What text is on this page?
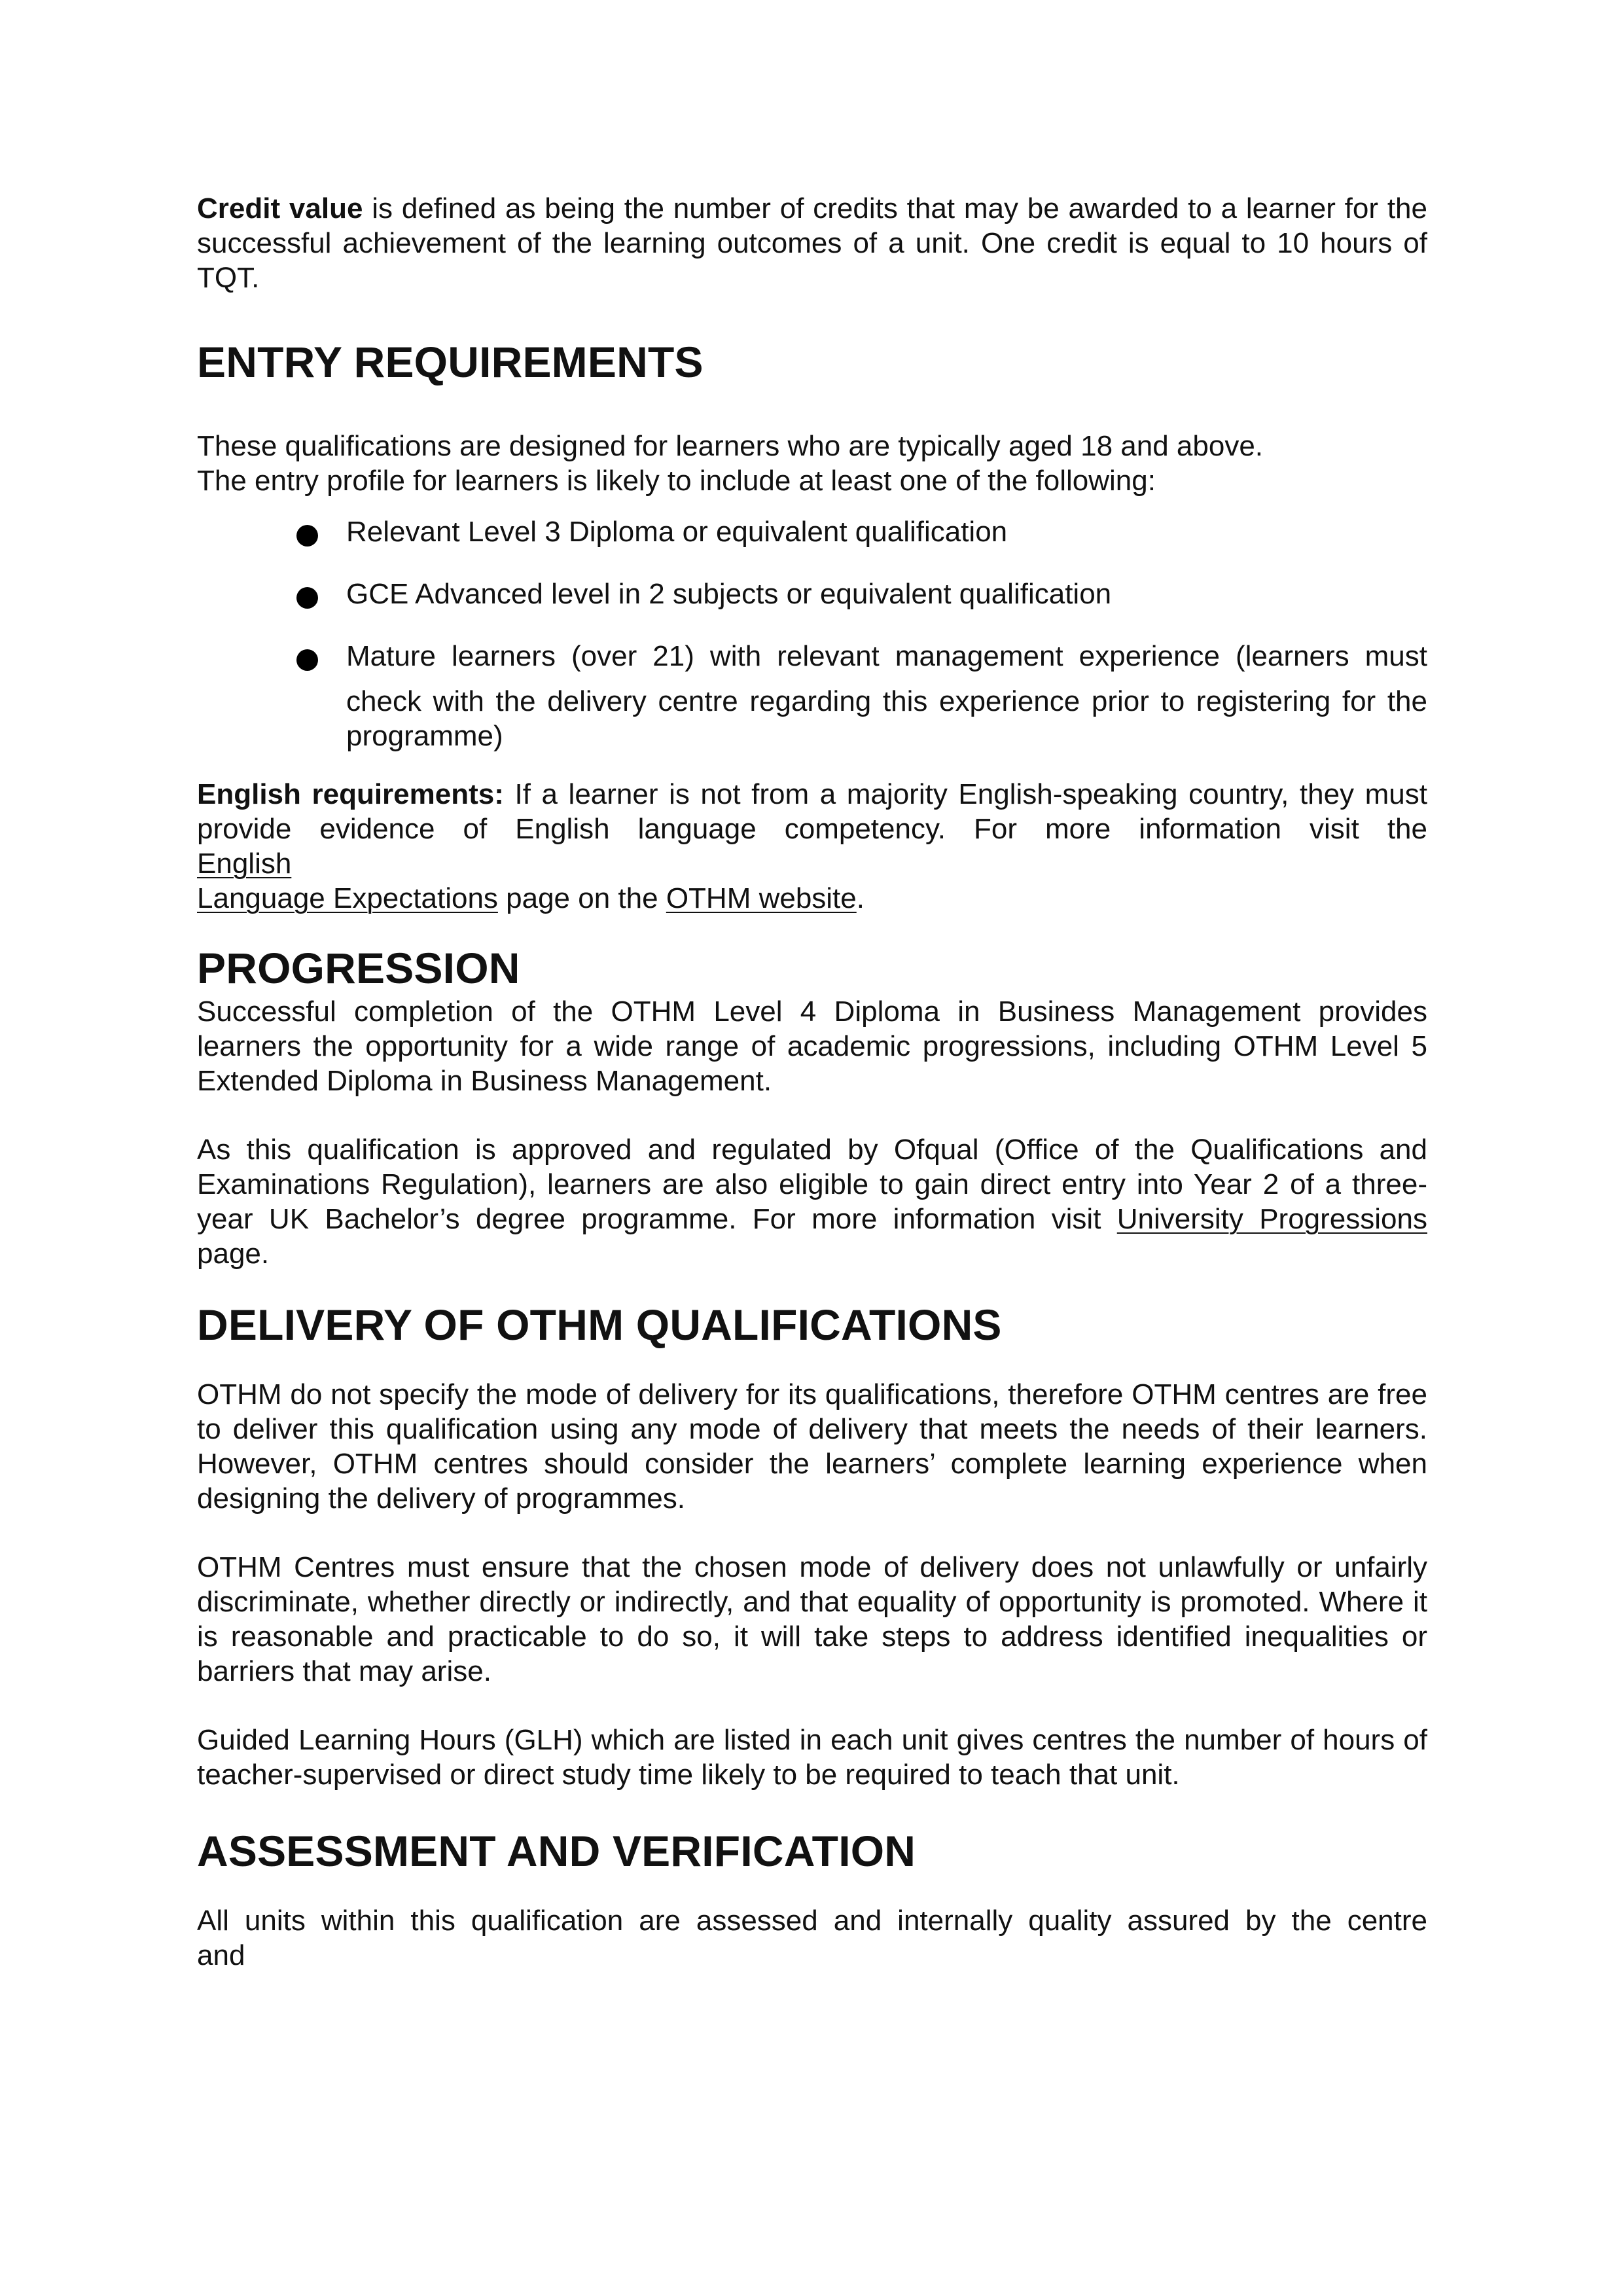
Credit value is defined as being the number of credits that may be awarded to a learner for the successful achievement of the learning outcomes of a unit. One credit is equal to 10 hours of TQT.

ENTRY REQUIREMENTS

These qualifications are designed for learners who are typically aged 18 and above.

The entry profile for learners is likely to include at least one of the following:

Relevant Level 3 Diploma or equivalent qualification
GCE Advanced level in 2 subjects or equivalent qualification
Mature learners (over 21) with relevant management experience (learners must
check with the delivery centre regarding this experience prior to registering for the programme)

English requirements: If a learner is not from a majority English-speaking country, they must provide evidence of English language competency. For more information visit the

English

Language Expectations page on the OTHM website.

PROGRESSION

Successful completion of the OTHM Level 4 Diploma in Business Management provides learners the opportunity for a wide range of academic progressions, including OTHM Level 5 Extended Diploma in Business Management.

As this qualification is approved and regulated by Ofqual (Office of the Qualifications and Examinations Regulation), learners are also eligible to gain direct entry into Year 2 of a three-year UK Bachelor’s degree programme. For more information visit University Progressions page.

DELIVERY OF OTHM QUALIFICATIONS

OTHM do not specify the mode of delivery for its qualifications, therefore OTHM centres are free to deliver this qualification using any mode of delivery that meets the needs of their learners. However, OTHM centres should consider the learners’ complete learning experience when designing the delivery of programmes.

OTHM Centres must ensure that the chosen mode of delivery does not unlawfully or unfairly discriminate, whether directly or indirectly, and that equality of opportunity is promoted. Where it is reasonable and practicable to do so, it will take steps to address identified inequalities or barriers that may arise.

Guided Learning Hours (GLH) which are listed in each unit gives centres the number of hours of teacher-supervised or direct study time likely to be required to teach that unit.

ASSESSMENT AND VERIFICATION

All units within this qualification are assessed and internally quality assured by the centre

and
